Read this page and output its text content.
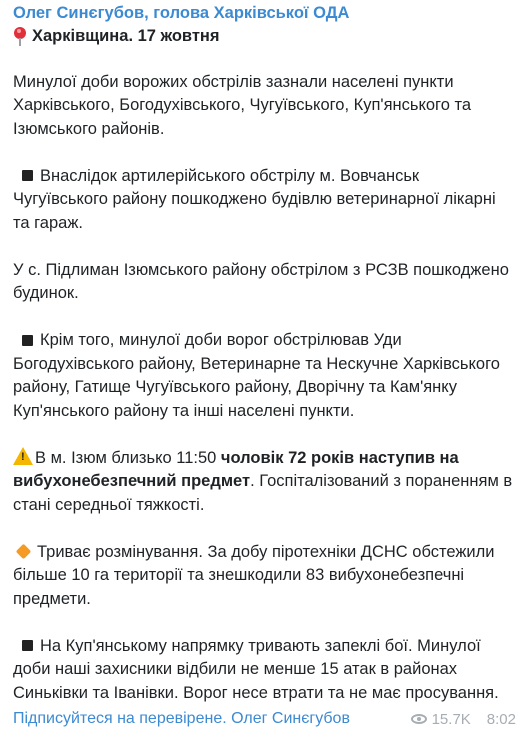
Олег Синєгубов, голова Харківської ОДА
Харківщина. 17 жовтня

Минулої доби ворожих обстрілів зазнали населені пункти Харківського, Богодухівського, Чугуївського, Куп'янського та Ізюмського районів.

Внаслідок артилерійського обстрілу м. Вовчанськ Чугуївського району пошкоджено будівлю ветеринарної лікарні та гараж.

У с. Підлиман Ізюмського району обстрілом з РСЗВ пошкоджено будинок.

Крім того, минулої доби ворог обстрілював Уди Богодухівського району, Ветеринарне та Нескучне Харківського району, Гатище Чугуївського району, Дворічну та Кам'янку Куп'янського району та інші населені пункти.

! В м. Ізюм близько 11:50 чоловік 72 років наступив на вибухонебезпечний предмет. Госпіталізований з пораненням в стані середньої тяжкості.

Триває розмінування. За добу піротехніки ДСНС обстежили більше 10 га території та знешкодили 83 вибухонебезпечні предмети.

На Куп'янському напрямку тривають запеклі бої. Минулої доби наші захисники відбили не менше 15 атак в районах Синьківки та Іванівки. Ворог несе втрати та не має просування.

Підписуйтеся на перевірене. Олег Синєгубов	15.7K 8:02
